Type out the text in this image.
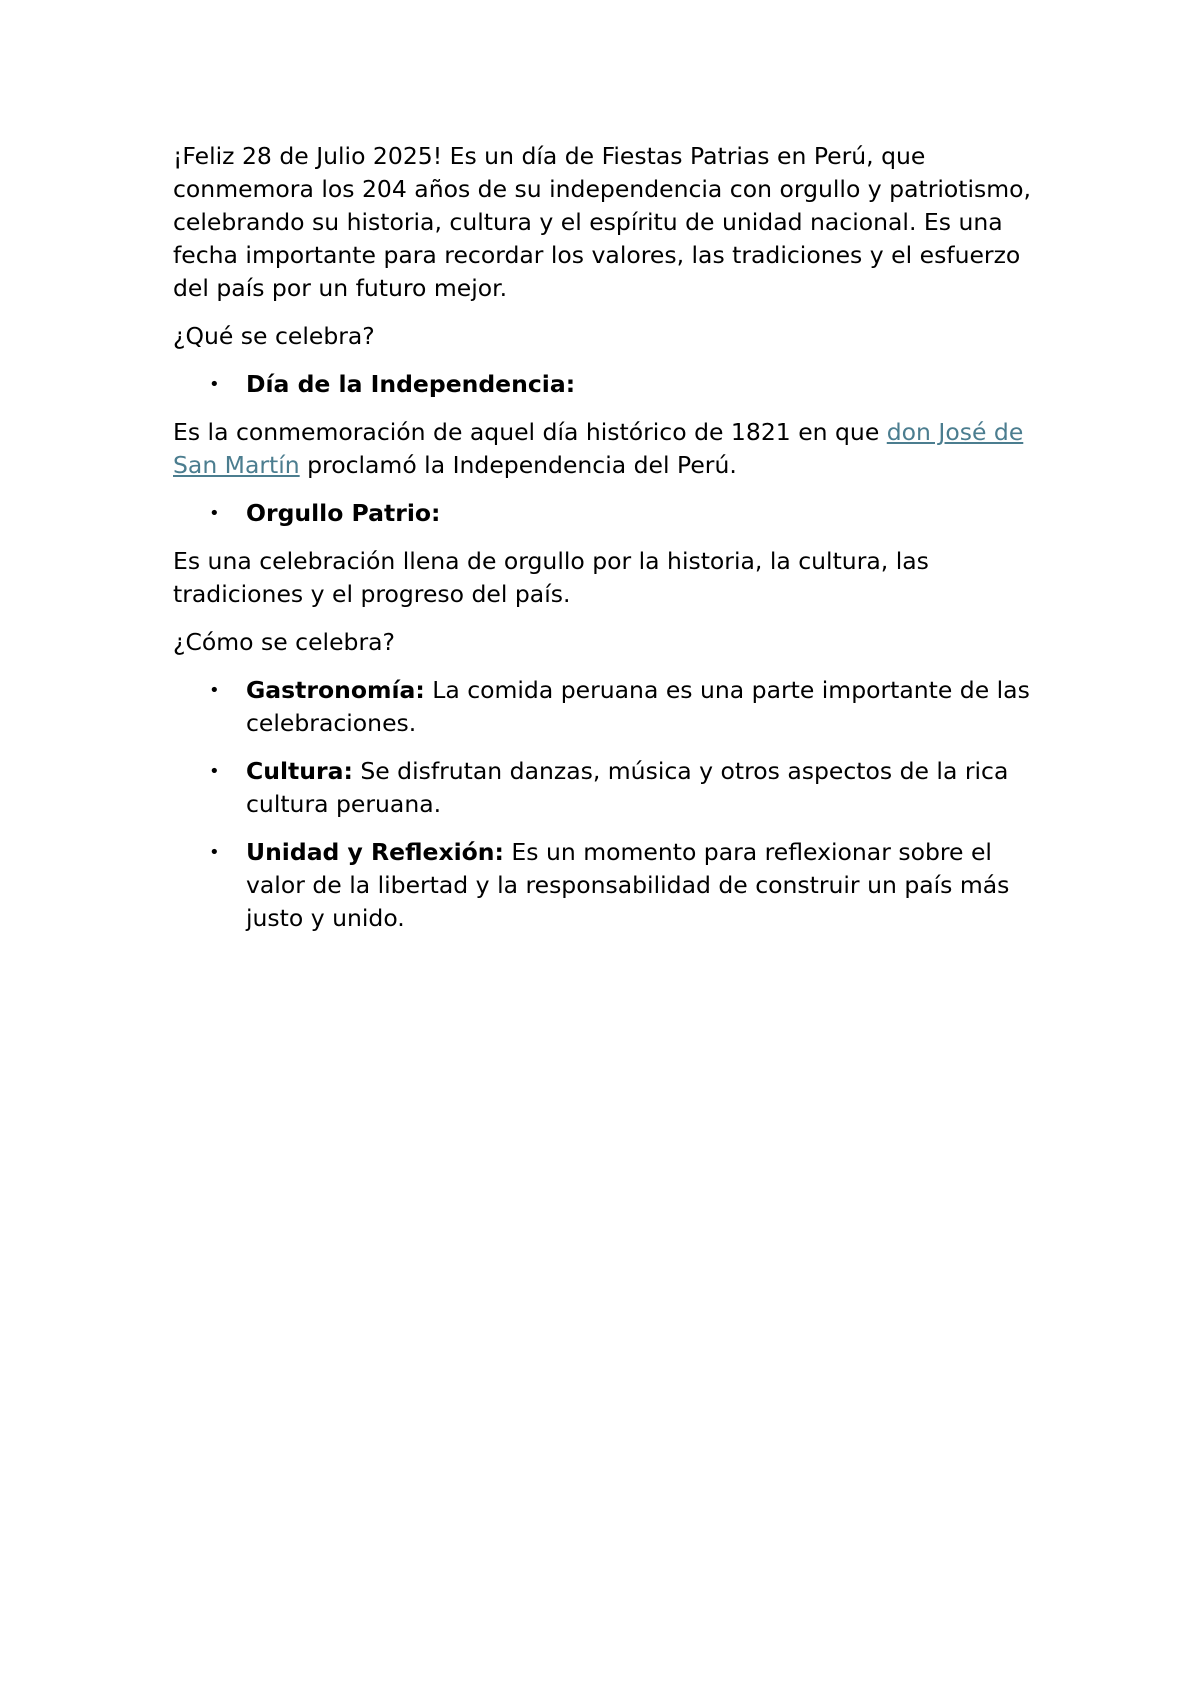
¡Feliz 28 de Julio 2025! Es un día de Fiestas Patrias en Perú, que conmemora los 204 años de su independencia con orgullo y patriotismo, celebrando su historia, cultura y el espíritu de unidad nacional. Es una fecha importante para recordar los valores, las tradiciones y el esfuerzo del país por un futuro mejor.

¿Qué se celebra?

• Día de la Independencia:

Es la conmemoración de aquel día histórico de 1821 en que don José de San Martín proclamó la Independencia del Perú.

• Orgullo Patrio:

Es una celebración llena de orgullo por la historia, la cultura, las tradiciones y el progreso del país.

¿Cómo se celebra?

• Gastronomía: La comida peruana es una parte importante de las celebraciones.
• Cultura: Se disfrutan danzas, música y otros aspectos de la rica cultura peruana.
• Unidad y Reflexión: Es un momento para reflexionar sobre el valor de la libertad y la responsabilidad de construir un país más justo y unido.
